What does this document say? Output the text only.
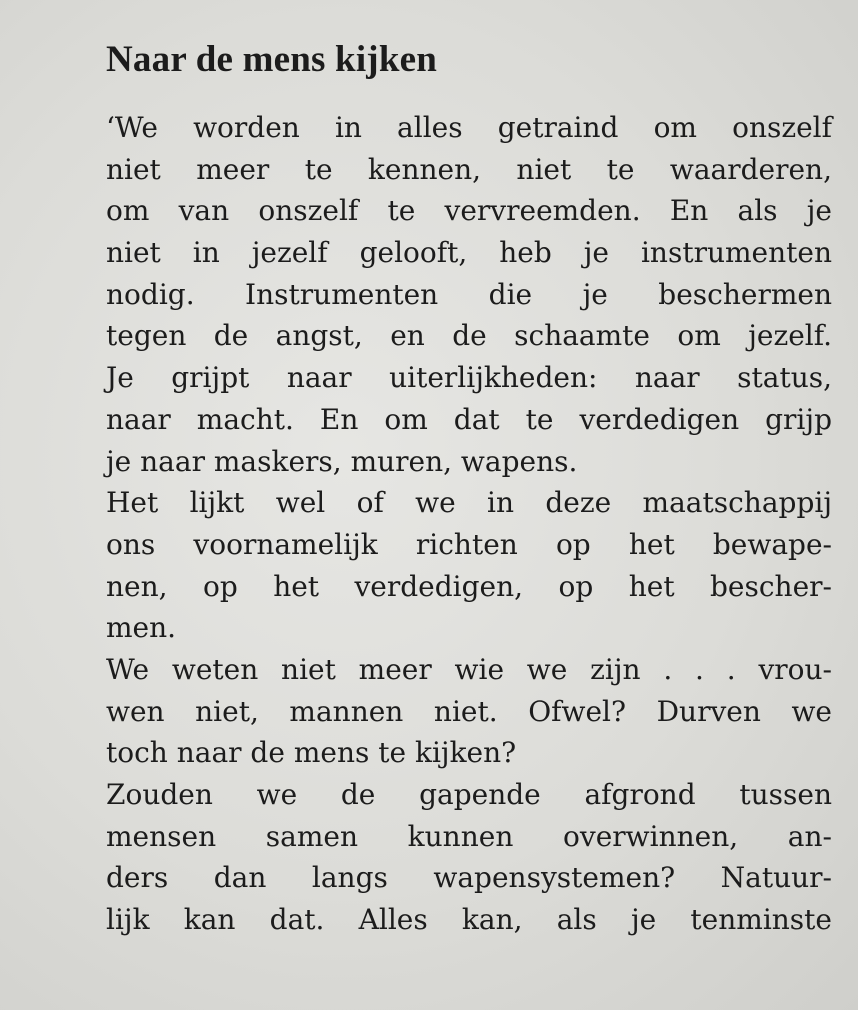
Naar de mens kijken
‘We worden in alles getraind om onszelf
niet meer te kennen, niet te waarderen,
om van onszelf te vervreemden. En als je
niet in jezelf gelooft, heb je instrumenten
nodig. Instrumenten die je beschermen
tegen de angst, en de schaamte om jezelf.
Je grijpt naar uiterlijkheden: naar status,
naar macht. En om dat te verdedigen grijp
je naar maskers, muren, wapens.
Het lijkt wel of we in deze maatschappij
ons voornamelijk richten op het bewape-
nen, op het verdedigen, op het bescher-
men.
We weten niet meer wie we zijn . . . vrou-
wen niet, mannen niet. Ofwel? Durven we
toch naar de mens te kijken?
Zouden we de gapende afgrond tussen
mensen samen kunnen overwinnen, an-
ders dan langs wapensystemen? Natuur-
lijk kan dat. Alles kan, als je tenminste
